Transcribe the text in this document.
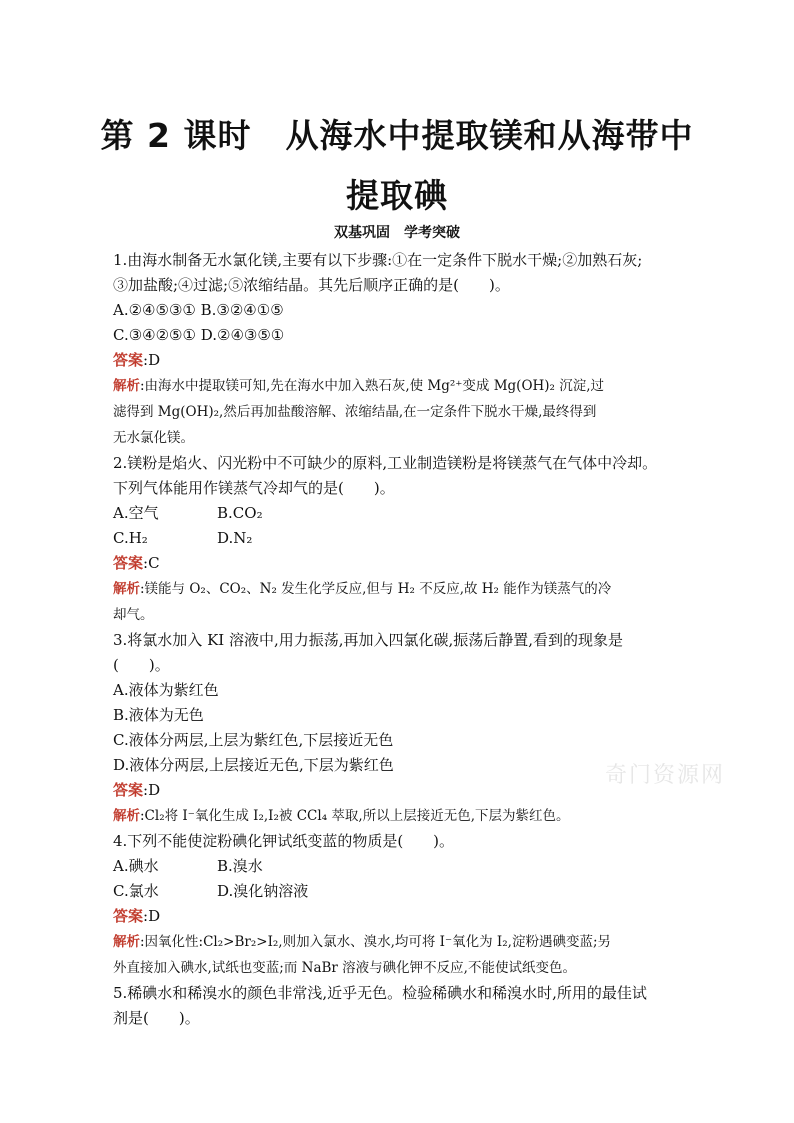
第 2 课时　从海水中提取镁和从海带中
提取碘
双基巩固　学考突破
1.由海水制备无水氯化镁,主要有以下步骤:①在一定条件下脱水干燥;②加熟石灰;
③加盐酸;④过滤;⑤浓缩结晶。其先后顺序正确的是(　　)。
A.②④⑤③① B.③②④①⑤
C.③④②⑤① D.②④③⑤①
答案:D
解析:由海水中提取镁可知,先在海水中加入熟石灰,使 Mg²⁺变成 Mg(OH)₂ 沉淀,过
滤得到 Mg(OH)₂,然后再加盐酸溶解、浓缩结晶,在一定条件下脱水干燥,最终得到
无水氯化镁。
2.镁粉是焰火、闪光粉中不可缺少的原料,工业制造镁粉是将镁蒸气在气体中冷却。
下列气体能用作镁蒸气冷却气的是(　　)。
A.空气	B.CO₂
C.H₂	D.N₂
答案:C
解析:镁能与 O₂、CO₂、N₂ 发生化学反应,但与 H₂ 不反应,故 H₂ 能作为镁蒸气的冷
却气。
3.将氯水加入 KI 溶液中,用力振荡,再加入四氯化碳,振荡后静置,看到的现象是
(　　)。
A.液体为紫红色
B.液体为无色
C.液体分两层,上层为紫红色,下层接近无色
D.液体分两层,上层接近无色,下层为紫红色
答案:D
解析:Cl₂将 I⁻氧化生成 I₂,I₂被 CCl₄ 萃取,所以上层接近无色,下层为紫红色。
4.下列不能使淀粉碘化钾试纸变蓝的物质是(　　)。
A.碘水	B.溴水
C.氯水	D.溴化钠溶液
答案:D
解析:因氧化性:Cl₂>Br₂>I₂,则加入氯水、溴水,均可将 I⁻氧化为 I₂,淀粉遇碘变蓝;另
外直接加入碘水,试纸也变蓝;而 NaBr 溶液与碘化钾不反应,不能使试纸变色。
5.稀碘水和稀溴水的颜色非常浅,近乎无色。检验稀碘水和稀溴水时,所用的最佳试
剂是(　　)。
奇门资源网
